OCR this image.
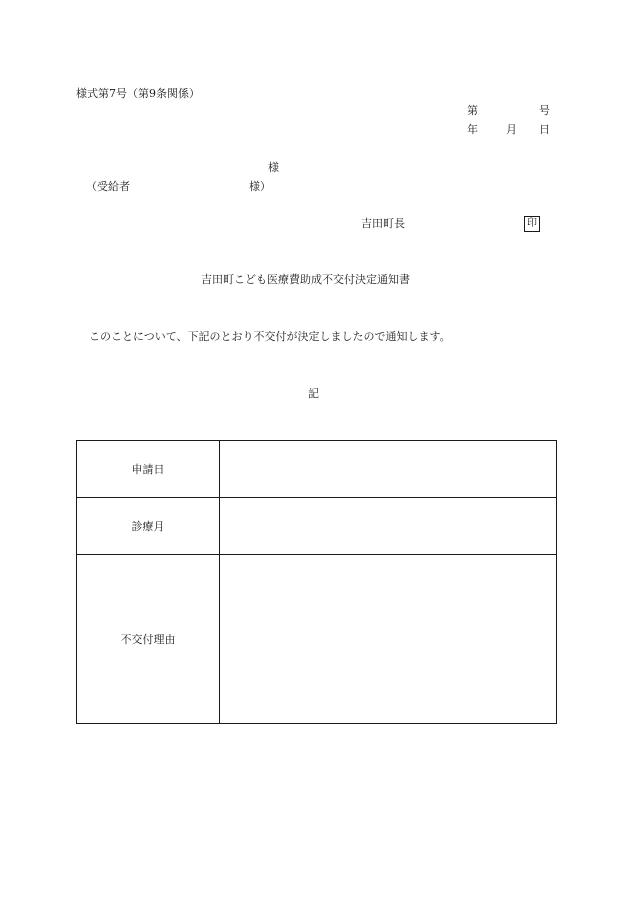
様式第7号（第9条関係）
第	号
年	月 日
様
（受給者	様）
吉田町長	印
吉田町こども医療費助成不交付決定通知書
このことについて、下記のとおり不交付が決定しましたので通知します。
記
申請日	
診療月	
不交付理由	
